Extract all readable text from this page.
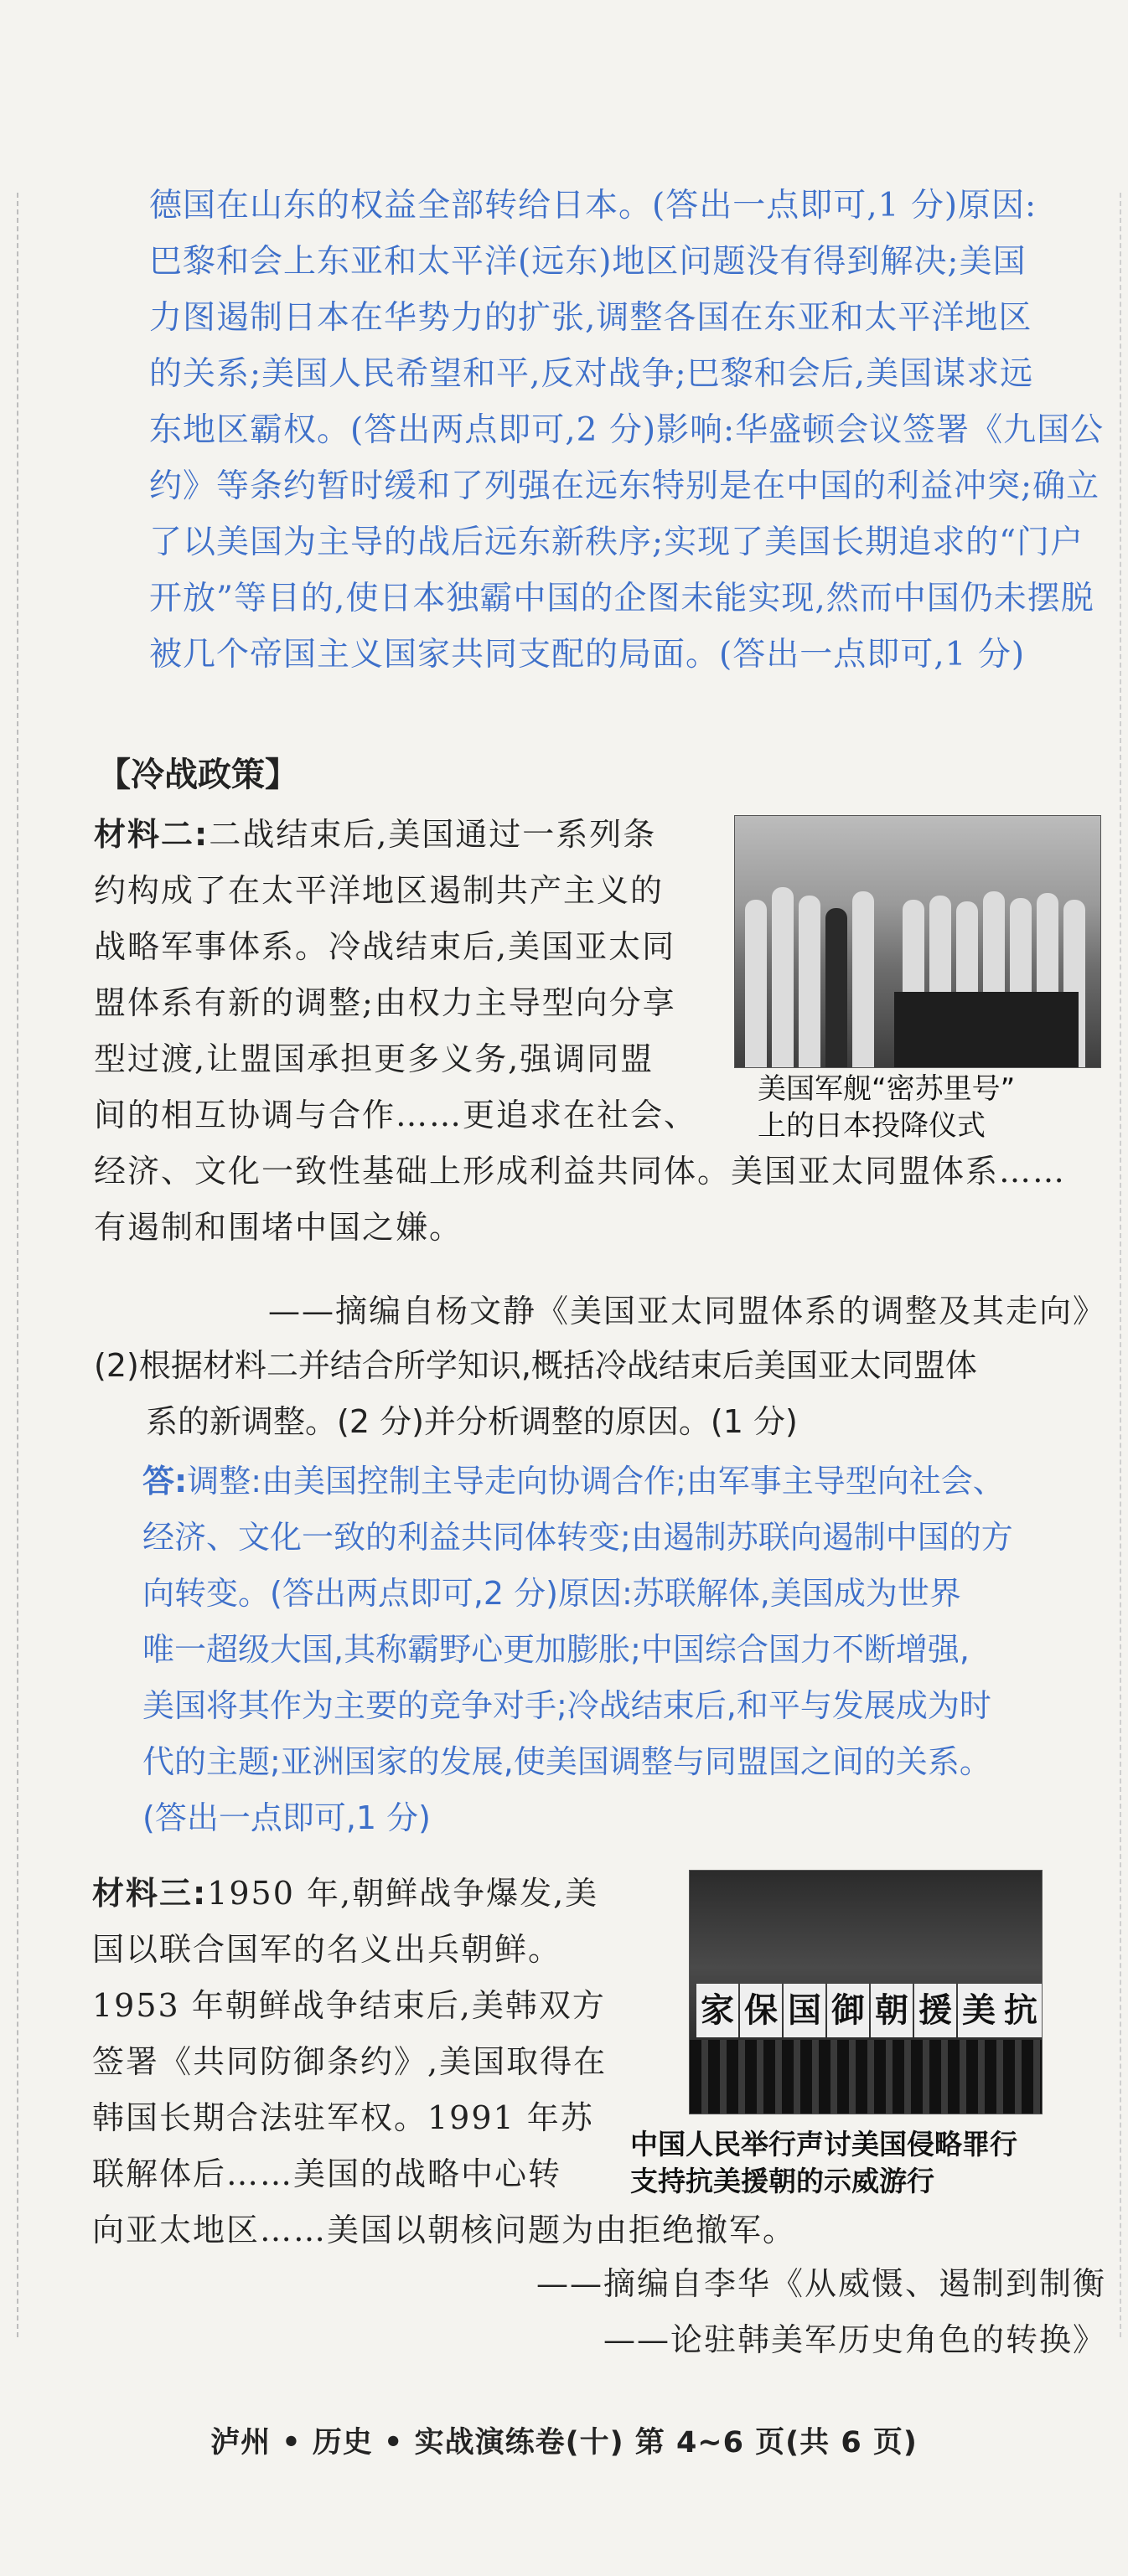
德国在山东的权益全部转给日本。(答出一点即可,1 分)原因:
巴黎和会上东亚和太平洋(远东)地区问题没有得到解决;美国
力图遏制日本在华势力的扩张,调整各国在东亚和太平洋地区
的关系;美国人民希望和平,反对战争;巴黎和会后,美国谋求远
东地区霸权。(答出两点即可,2 分)影响:华盛顿会议签署《九国公
约》等条约暂时缓和了列强在远东特别是在中国的利益冲突;确立
了以美国为主导的战后远东新秩序;实现了美国长期追求的“门户
开放”等目的,使日本独霸中国的企图未能实现,然而中国仍未摆脱
被几个帝国主义国家共同支配的局面。(答出一点即可,1 分)
【冷战政策】
材料二:二战结束后,美国通过一系列条
约构成了在太平洋地区遏制共产主义的
战略军事体系。冷战结束后,美国亚太同
盟体系有新的调整;由权力主导型向分享
型过渡,让盟国承担更多义务,强调同盟
间的相互协调与合作……更追求在社会、
经济、文化一致性基础上形成利益共同体。美国亚太同盟体系……
有遏制和围堵中国之嫌。
美国军舰“密苏里号”
上的日本投降仪式
——摘编自杨文静《美国亚太同盟体系的调整及其走向》
(2)根据材料二并结合所学知识,概括冷战结束后美国亚太同盟体
系的新调整。(2 分)并分析调整的原因。(1 分)
答:调整:由美国控制主导走向协调合作;由军事主导型向社会、
经济、文化一致的利益共同体转变;由遏制苏联向遏制中国的方
向转变。(答出两点即可,2 分)原因:苏联解体,美国成为世界
唯一超级大国,其称霸野心更加膨胀;中国综合国力不断增强,
美国将其作为主要的竞争对手;冷战结束后,和平与发展成为时
代的主题;亚洲国家的发展,使美国调整与同盟国之间的关系。
(答出一点即可,1 分)
材料三:1950 年,朝鲜战争爆发,美
国以联合国军的名义出兵朝鲜。
1953 年朝鲜战争结束后,美韩双方
签署《共同防御条约》,美国取得在
韩国长期合法驻军权。1991 年苏
联解体后……美国的战略中心转
向亚太地区……美国以朝核问题为由拒绝撤军。
家 保 国 御 朝 援 美 抗
中国人民举行声讨美国侵略罪行
支持抗美援朝的示威游行
——摘编自李华《从威慑、遏制到制衡
——论驻韩美军历史角色的转换》
泸州 • 历史 • 实战演练卷(十) 第 4~6 页(共 6 页)
